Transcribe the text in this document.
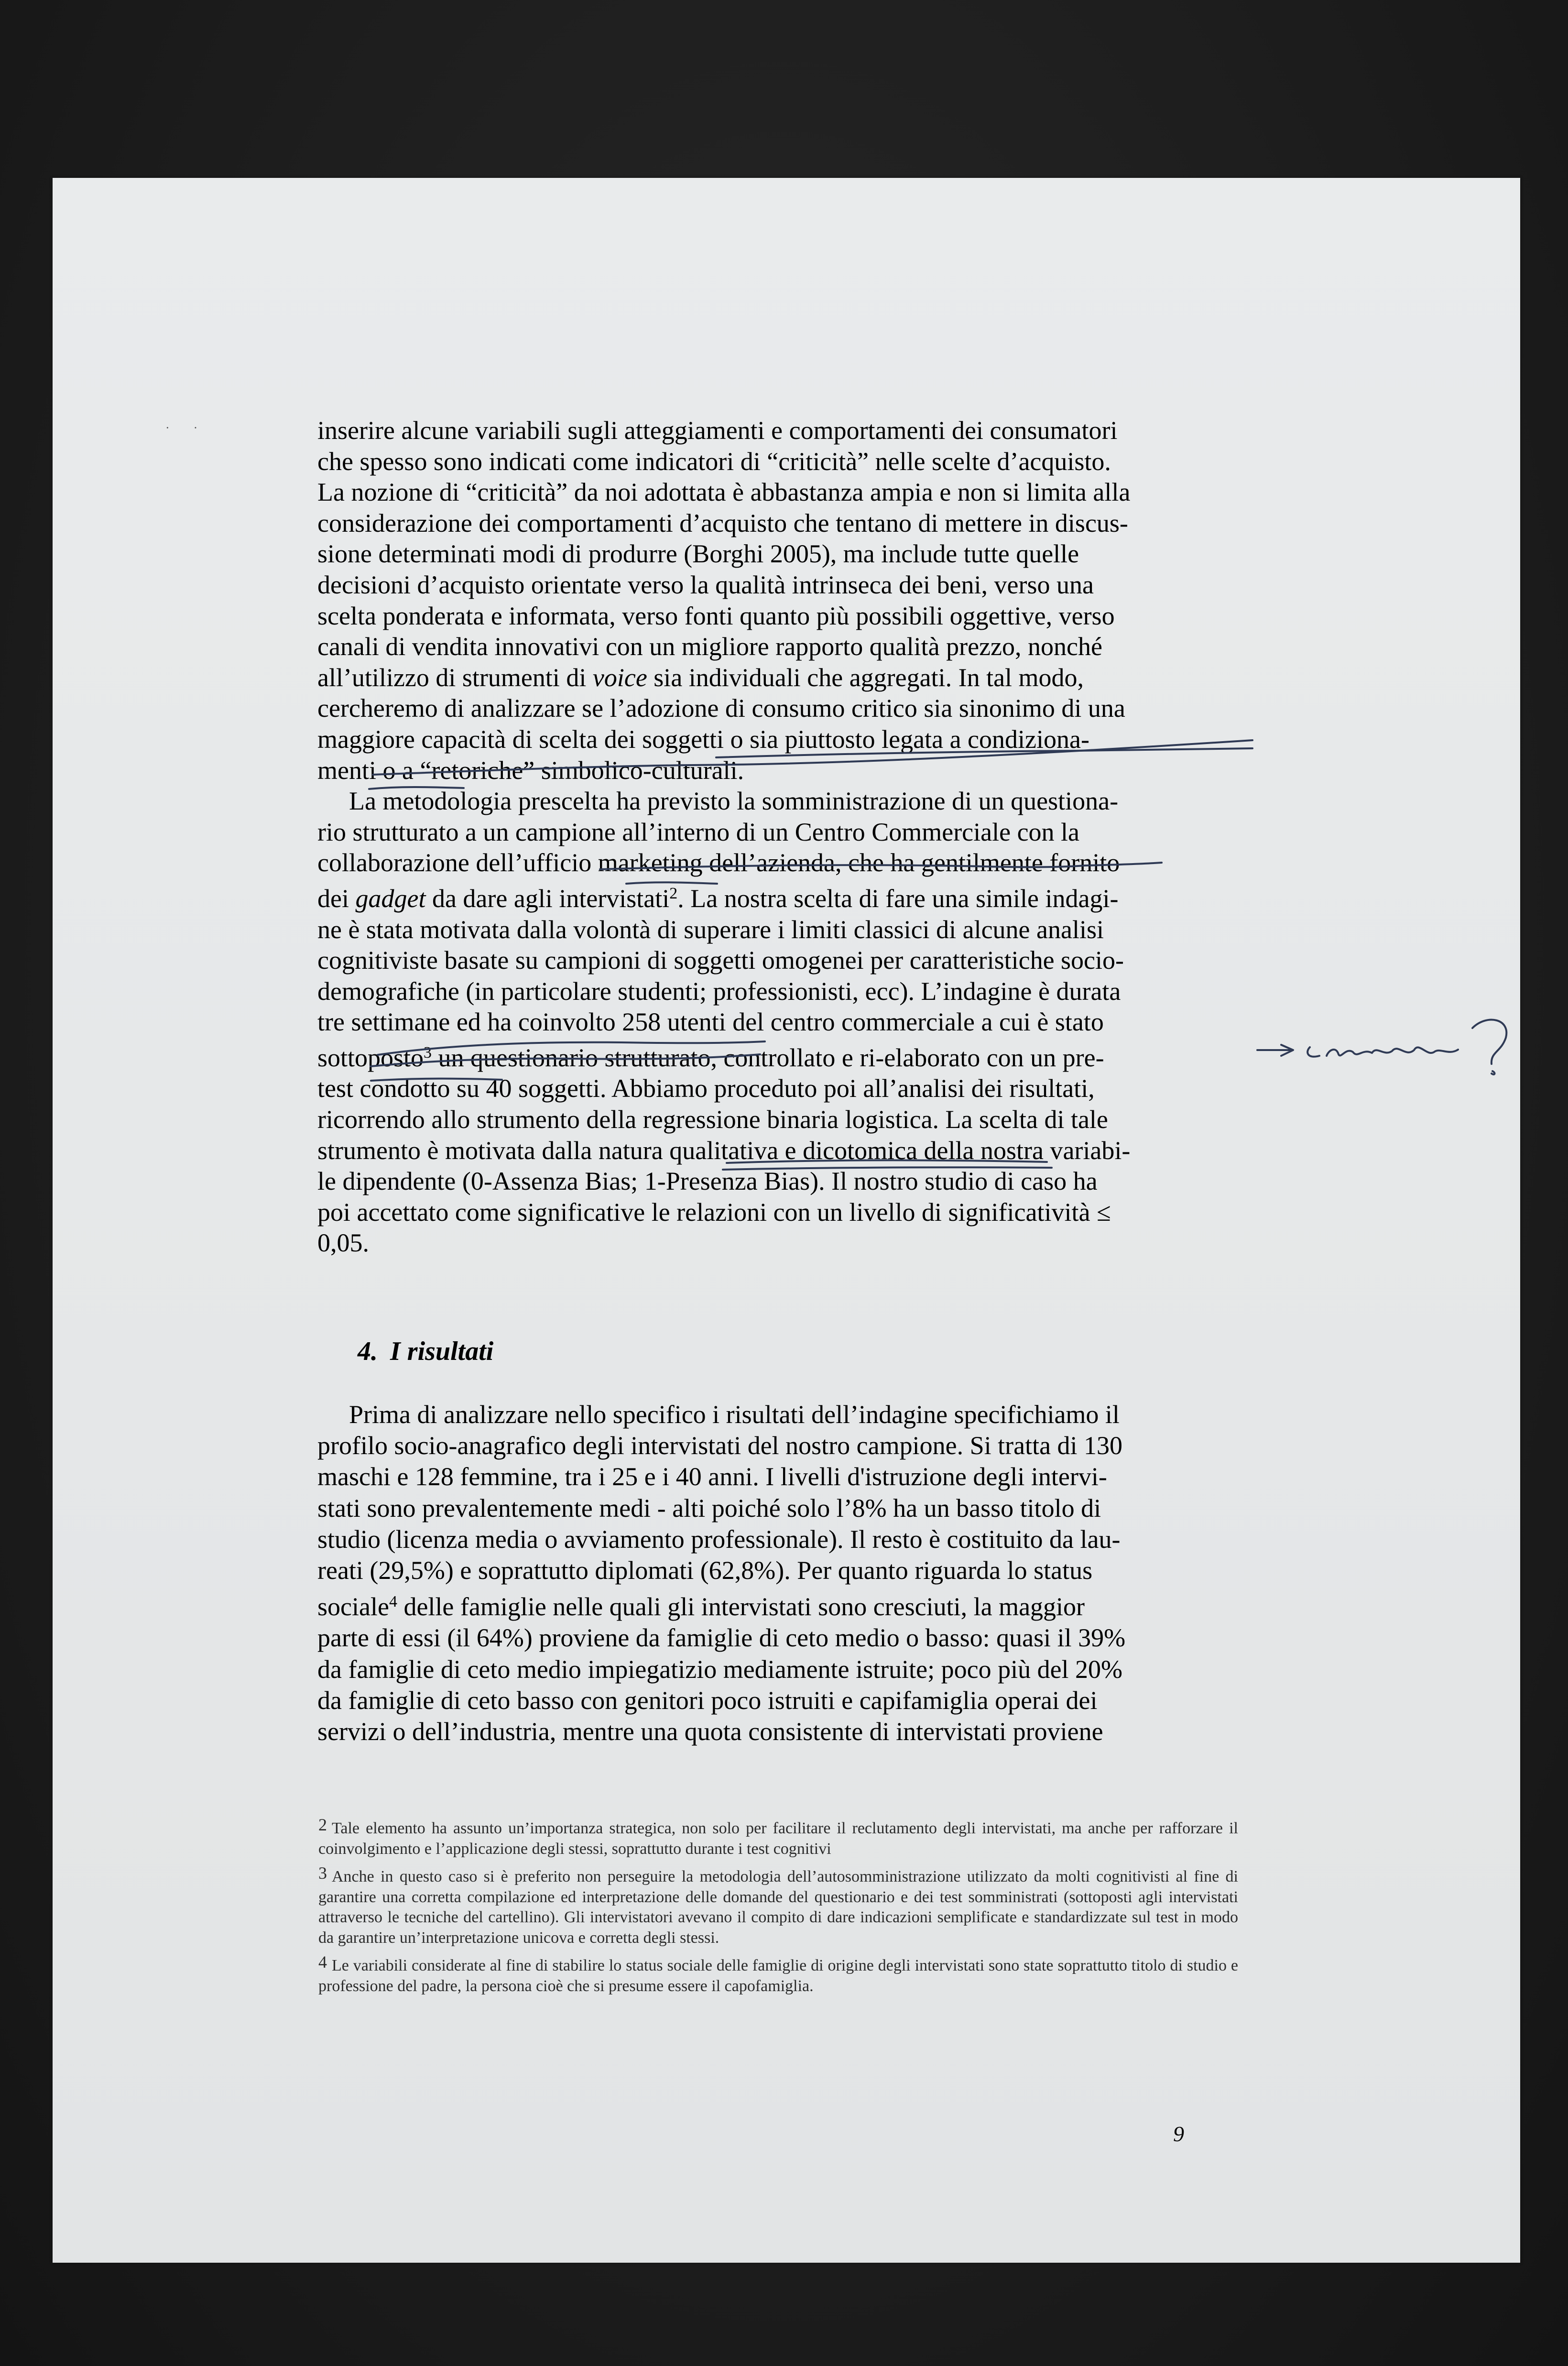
··	inserire alcune variabili sugli atteggiamenti e comportamenti dei consumatori
che spesso sono indicati come indicatori di “criticità” nelle scelte d’acquisto.
La nozione di “criticità” da noi adottata è abbastanza ampia e non si limita alla
considerazione dei comportamenti d’acquisto che tentano di mettere in discus-
sione determinati modi di produrre (Borghi 2005), ma include tutte quelle
decisioni d’acquisto orientate verso la qualità intrinseca dei beni, verso una
scelta ponderata e informata, verso fonti quanto più possibili oggettive, verso
canali di vendita innovativi con un migliore rapporto qualità prezzo, nonché
all’utilizzo di strumenti di voice sia individuali che aggregati. In tal modo,
cercheremo di analizzare se l’adozione di consumo critico sia sinonimo di una
maggiore capacità di scelta dei soggetti o sia piuttosto legata a condiziona-
menti o a “retoriche” simbolico-culturali.

La metodologia prescelta ha previsto la somministrazione di un questiona-
rio strutturato a un campione all’interno di un Centro Commerciale con la
collaborazione dell’ufficio marketing dell’azienda, che ha gentilmente fornito
dei gadget da dare agli intervistati$^2$. La nostra scelta di fare una simile indagi-
ne è stata motivata dalla volontà di superare i limiti classici di alcune analisi
cognitiviste basate su campioni di soggetti omogenei per caratteristiche socio-
demografiche (in particolare studenti; professionisti, ecc). L’indagine è durata
tre settimane ed ha coinvolto 258 utenti del centro commerciale a cui è stato
sottoposto$^3$ un questionario strutturato, controllato e ri-elaborato con un pre-
test condotto su 40 soggetti. Abbiamo proceduto poi all’analisi dei risultati,
ricorrendo allo strumento della regressione binaria logistica. La scelta di tale
strumento è motivata dalla natura qualitativa e dicotomica della nostra variabi-
le dipendente (0-Assenza Bias; 1-Presenza Bias). Il nostro studio di caso ha
poi accettato come significative le relazioni con un livello di significatività ≤
0,05.

4. I risultati

Prima di analizzare nello specifico i risultati dell’indagine specifichiamo il
profilo socio-anagrafico degli intervistati del nostro campione. Si tratta di 130
maschi e 128 femmine, tra i 25 e i 40 anni. I livelli d'istruzione degli intervi-
stati sono prevalentemente medi - alti poiché solo l’8% ha un basso titolo di
studio (licenza media o avviamento professionale). Il resto è costituito da lau-
reati (29,5%) e soprattutto diplomati (62,8%). Per quanto riguarda lo status
sociale$^4$ delle famiglie nelle quali gli intervistati sono cresciuti, la maggior
parte di essi (il 64%) proviene da famiglie di ceto medio o basso: quasi il 39%
da famiglie di ceto medio impiegatizio mediamente istruite; poco più del 20%
da famiglie di ceto basso con genitori poco istruiti e capifamiglia operai dei
servizi o dell’industria, mentre una quota consistente di intervistati proviene

$^2$ Tale elemento ha assunto un’importanza strategica, non solo per facilitare il reclutamento degli intervistati, ma anche per rafforzare il coinvolgimento e l’applicazione degli stessi, soprattutto durante i test cognitivi

$^3$ Anche in questo caso si è preferito non perseguire la metodologia dell’autosomministrazione utilizzato da molti cognitivisti al fine di garantire una corretta compilazione ed interpretazione delle domande del questionario e dei test somministrati (sottoposti agli intervistati attraverso le tecniche del cartellino). Gli intervistatori avevano il compito di dare indicazioni semplificate e standardizzate sul test in modo da garantire un’interpretazione unicova e corretta degli stessi.

$^4$ Le variabili considerate al fine di stabilire lo status sociale delle famiglie di origine degli intervistati sono state soprattutto titolo di studio e professione del padre, la persona cioè che si presume essere il capofamiglia.

9
